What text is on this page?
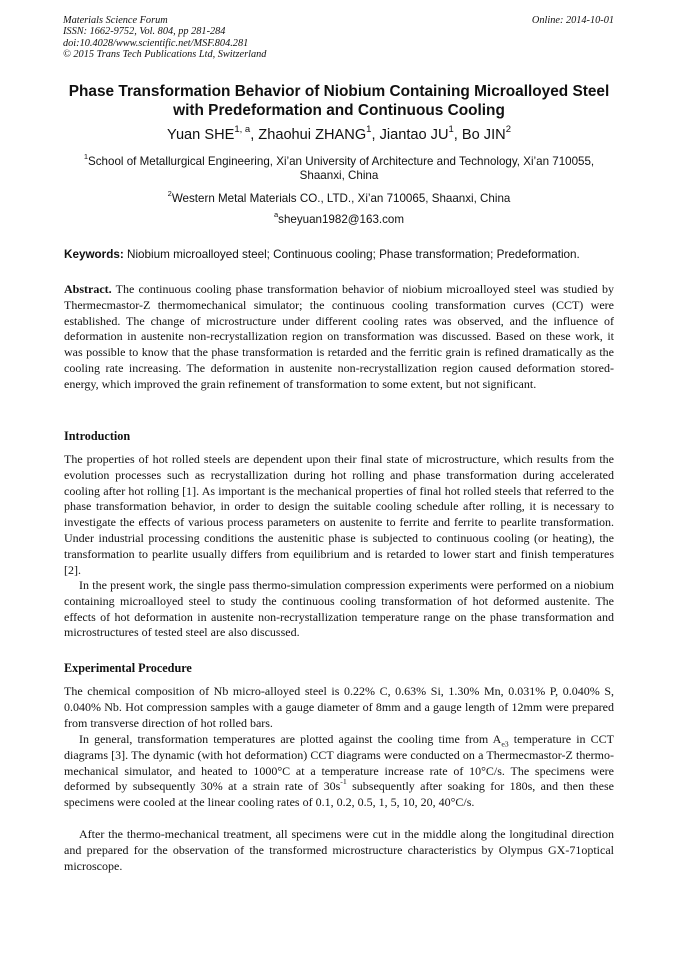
Materials Science Forum
ISSN: 1662-9752, Vol. 804, pp 281-284
doi:10.4028/www.scientific.net/MSF.804.281
© 2015 Trans Tech Publications Ltd, Switzerland
Online: 2014-10-01
Phase Transformation Behavior of Niobium Containing Microalloyed Steel with Predeformation and Continuous Cooling
Yuan SHE$^{1, a}$, Zhaohui ZHANG$^1$, Jiantao $JU^1$, Bo JIN$^2$
$^1$School of Metallurgical Engineering, Xi’an University of Architecture and Technology, Xi’an 710055, Shaanxi, China
$^2$Western Metal Materials CO., LTD., Xi’an 710065, Shaanxi, China
$^a$sheyuan1982@163.com
Keywords: Niobium microalloyed steel; Continuous cooling; Phase transformation; Predeformation.
Abstract. The continuous cooling phase transformation behavior of niobium microalloyed steel was studied by Thermecmastor-Z thermomechanical simulator; the continuous cooling transformation curves (CCT) were established. The change of microstructure under different cooling rates was observed, and the influence of deformation in austenite non-recrystallization region on transformation was discussed. Based on these work, it was possible to know that the phase transformation is retarded and the ferritic grain is refined dramatically as the cooling rate increasing. The deformation in austenite non-recrystallization region caused deformation stored-energy, which improved the grain refinement of transformation to some extent, but not significant.
Introduction
The properties of hot rolled steels are dependent upon their final state of microstructure, which results from the evolution processes such as recrystallization during hot rolling and phase transformation during accelerated cooling after hot rolling [1]. As important is the mechanical properties of final hot rolled steels that referred to the phase transformation behavior, in order to design the suitable cooling schedule after rolling, it is necessary to investigate the effects of various process parameters on austenite to ferrite and ferrite to pearlite transformation. Under industrial processing conditions the austenitic phase is subjected to continuous cooling (or heating), the transformation to pearlite usually differs from equilibrium and is retarded to lower start and finish temperatures [2].
In the present work, the single pass thermo-simulation compression experiments were performed on a niobium containing microalloyed steel to study the continuous cooling transformation of hot deformed austenite. The effects of hot deformation in austenite non-recrystallization temperature range on the phase transformation and microstructures of tested steel are also discussed.
Experimental Procedure
The chemical composition of Nb micro-alloyed steel is 0.22% C, 0.63% Si, 1.30% Mn, 0.031% P, 0.040% S, 0.040% Nb. Hot compression samples with a gauge diameter of 8mm and a gauge length of 12mm were prepared from transverse direction of hot rolled bars.
In general, transformation temperatures are plotted against the cooling time from $A_{e3}$ temperature in CCT diagrams [3]. The dynamic (with hot deformation) CCT diagrams were conducted on a Thermecmastor-Z thermo-mechanical simulator, and heated to 1000°C at a temperature increase rate of 10°C/s. The specimens were deformed by subsequently 30% at a strain rate of $30s^{-1}$ subsequently after soaking for 180s, and then these specimens were cooled at the linear cooling rates of 0.1, 0.2, 0.5, 1, 5, 10, 20, 40°C/s.
After the thermo-mechanical treatment, all specimens were cut in the middle along the longitudinal direction and prepared for the observation of the transformed microstructure characteristics by Olympus GX-71optical microscope.
